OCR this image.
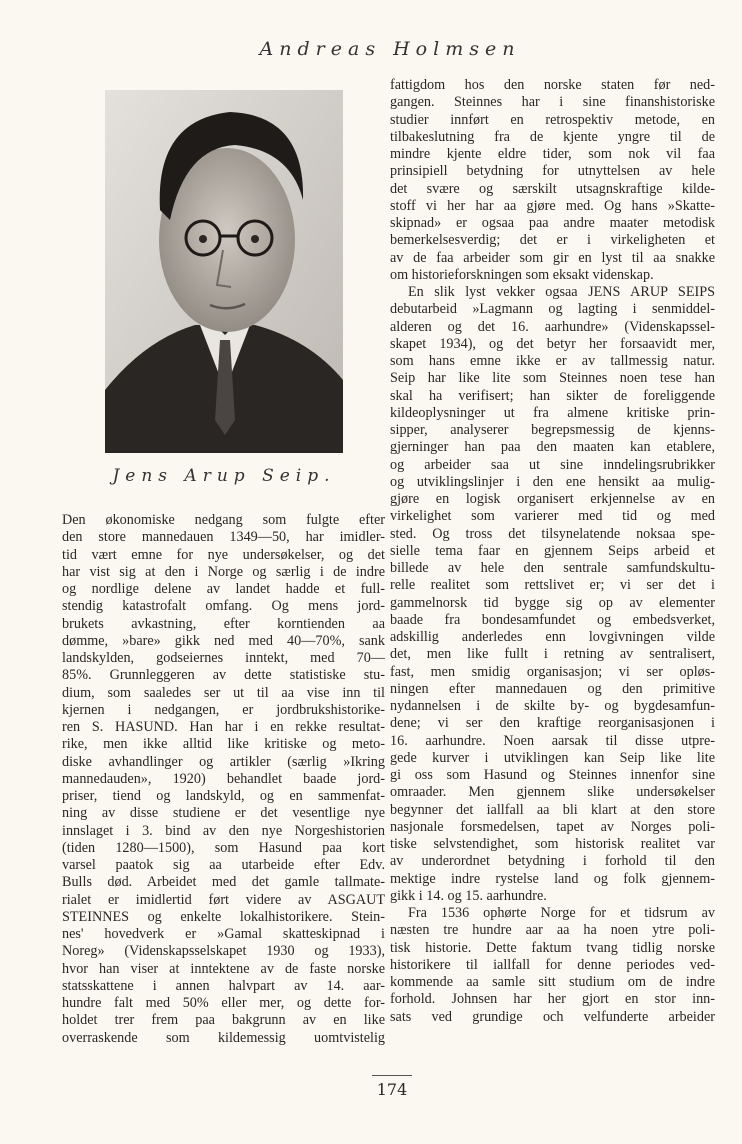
Andreas Holmsen
Jens Arup Seip.
Den økonomiske nedgang som fulgte efter
den store mannedauen 1349—50, har imidler-
tid vært emne for nye undersøkelser, og det
har vist sig at den i Norge og særlig i de indre
og nordlige delene av landet hadde et full-
stendig katastrofalt omfang. Og mens jord-
brukets avkastning, efter korntienden aa
dømme, »bare» gikk ned med 40—70%, sank
landskylden, godseiernes inntekt, med 70—
85%. Grunnleggeren av dette statistiske stu-
dium, som saaledes ser ut til aa vise inn til
kjernen i nedgangen, er jordbrukshistorike-
ren S. HASUND. Han har i en rekke resultat-
rike, men ikke alltid like kritiske og meto-
diske avhandlinger og artikler (særlig »Ikring
mannedauden», 1920) behandlet baade jord-
priser, tiend og landskyld, og en sammenfat-
ning av disse studiene er det vesentlige nye
innslaget i 3. bind av den nye Norgeshistorien
(tiden 1280—1500), som Hasund paa kort
varsel paatok sig aa utarbeide efter Edv.
Bulls død. Arbeidet med det gamle tallmate-
rialet er imidlertid ført videre av ASGAUT
STEINNES og enkelte lokalhistorikere. Stein-
nes' hovedverk er »Gamal skatteskipnad i
Noreg» (Videnskapsselskapet 1930 og 1933),
hvor han viser at inntektene av de faste norske
statsskattene i annen halvpart av 14. aar-
hundre falt med 50% eller mer, og dette for-
holdet trer frem paa bakgrunn av en like
overraskende som kildemessig uomtvistelig
fattigdom hos den norske staten før ned-
gangen. Steinnes har i sine finanshistoriske
studier innført en retrospektiv metode, en
tilbakeslutning fra de kjente yngre til de
mindre kjente eldre tider, som nok vil faa
prinsipiell betydning for utnyttelsen av hele
det svære og særskilt utsagnskraftige kilde-
stoff vi her har aa gjøre med. Og hans »Skatte-
skipnad» er ogsaa paa andre maater metodisk
bemerkelsesverdig; det er i virkeligheten et
av de faa arbeider som gir en lyst til aa snakke
om historieforskningen som eksakt videnskap.
En slik lyst vekker ogsaa JENS ARUP SEIPS
debutarbeid »Lagmann og lagting i senmiddel-
alderen og det 16. aarhundre» (Videnskapssel-
skapet 1934), og det betyr her forsaavidt mer,
som hans emne ikke er av tallmessig natur.
Seip har like lite som Steinnes noen tese han
skal ha verifisert; han sikter de foreliggende
kildeoplysninger ut fra almene kritiske prin-
sipper, analyserer begrepsmessig de kjenns-
gjerninger han paa den maaten kan etablere,
og arbeider saa ut sine inndelingsrubrikker
og utviklingslinjer i den ene hensikt aa mulig-
gjøre en logisk organisert erkjennelse av en
virkelighet som varierer med tid og med
sted. Og tross det tilsynelatende noksaa spe-
sielle tema faar en gjennem Seips arbeid et
billede av hele den sentrale samfundskultu-
relle realitet som rettslivet er; vi ser det i
gammelnorsk tid bygge sig op av elementer
baade fra bondesamfundet og embedsverket,
adskillig anderledes enn lovgivningen vilde
det, men like fullt i retning av sentralisert,
fast, men smidig organisasjon; vi ser opløs-
ningen efter mannedauen og den primitive
nydannelsen i de skilte by- og bygdesamfun-
dene; vi ser den kraftige reorganisasjonen i
16. aarhundre. Noen aarsak til disse utpre-
gede kurver i utviklingen kan Seip like lite
gi oss som Hasund og Steinnes innenfor sine
omraader. Men gjennem slike undersøkelser
begynner det iallfall aa bli klart at den store
nasjonale forsmedelsen, tapet av Norges poli-
tiske selvstendighet, som historisk realitet var
av underordnet betydning i forhold til den
mektige indre rystelse land og folk gjennem-
gikk i 14. og 15. aarhundre.
Fra 1536 ophørte Norge for et tidsrum av
næsten tre hundre aar aa ha noen ytre poli-
tisk historie. Dette faktum tvang tidlig norske
historikere til iallfall for denne periodes ved-
kommende aa samle sitt studium om de indre
forhold. Johnsen har her gjort en stor inn-
sats ved grundige och velfunderte arbeider
174
